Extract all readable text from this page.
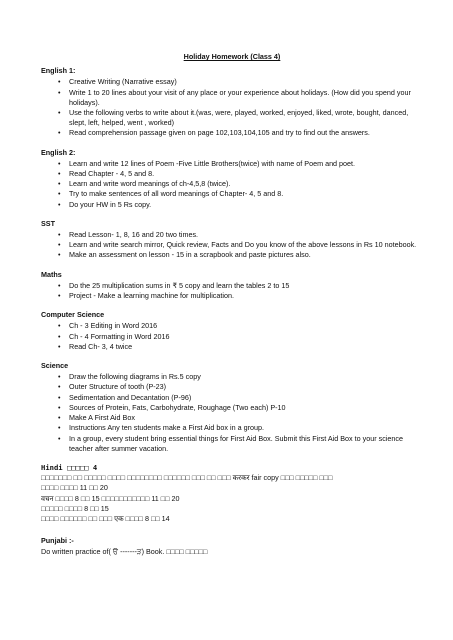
Holiday Homework (Class 4)

English 1:

• Creative Writing (Narrative essay)
• Write 1 to 20 lines about your visit of any place or your experience about holidays. (How did you spend your holidays).
• Use the following verbs to write about it.(was, were, played, worked, enjoyed, liked, wrote, bought, danced, slept, left, helped, went , worked)
• Read comprehension passage given on page 102,103,104,105 and try to find out the answers.

English 2:

• Learn and write 12 lines of Poem -Five Little Brothers(twice) with name of Poem and poet.
• Read Chapter - 4, 5 and 8.
• Learn and write word meanings of ch-4,5,8 (twice).
• Try to make sentences of all word meanings of Chapter- 4, 5 and 8.
• Do your HW in 5 Rs copy.

SST

• Read Lesson- 1, 8, 16 and 20 two times.
• Learn and write search mirror, Quick review, Facts and Do you know of the above lessons in Rs 10 notebook.
• Make an assessment on lesson - 15 in a scrapbook and paste pictures also.

Maths

• Do the 25 multiplication sums in ₹ 5 copy and learn the tables 2 to 15
• Project - Make a learning machine for multiplication.

Computer Science

• Ch - 3 Editing in Word 2016
• Ch - 4 Formatting in Word 2016
• Read Ch- 3, 4 twice

Science

• Draw the following diagrams in Rs.5 copy
• Outer Structure of tooth (P-23)
• Sedimentation and Decantation (P-96)
• Sources of Protein, Fats, Carbohydrate, Roughage (Two each) P-10
• Make A First Aid Box
• Instructions Any ten students make a First Aid box in a group.
• In a group, every student bring essential things for First Aid Box. Submit this First Aid Box to your science teacher after summer vacation.

Hindi □□□□□ 4

□□□□□□□ □□ □□□□□ □□□□ □□□□□□□□ □□□□□□ □□□ □□ □□□ करकर fair copy □□□ □□□□□ □□□

□□□□ □□□□ 11 □□ 20

वचन □□□□ 8 □□ 15 □□□□□□□□□□□ 11 □□ 20

□□□□□ □□□□ 8 □□ 15

□□□□ □□□□□□ □□ □□□ एक □□□□ 8 □□ 14

Punjabi :-

Do written practice of( ੳ -------ੜ) Book. □□□□ □□□□□
